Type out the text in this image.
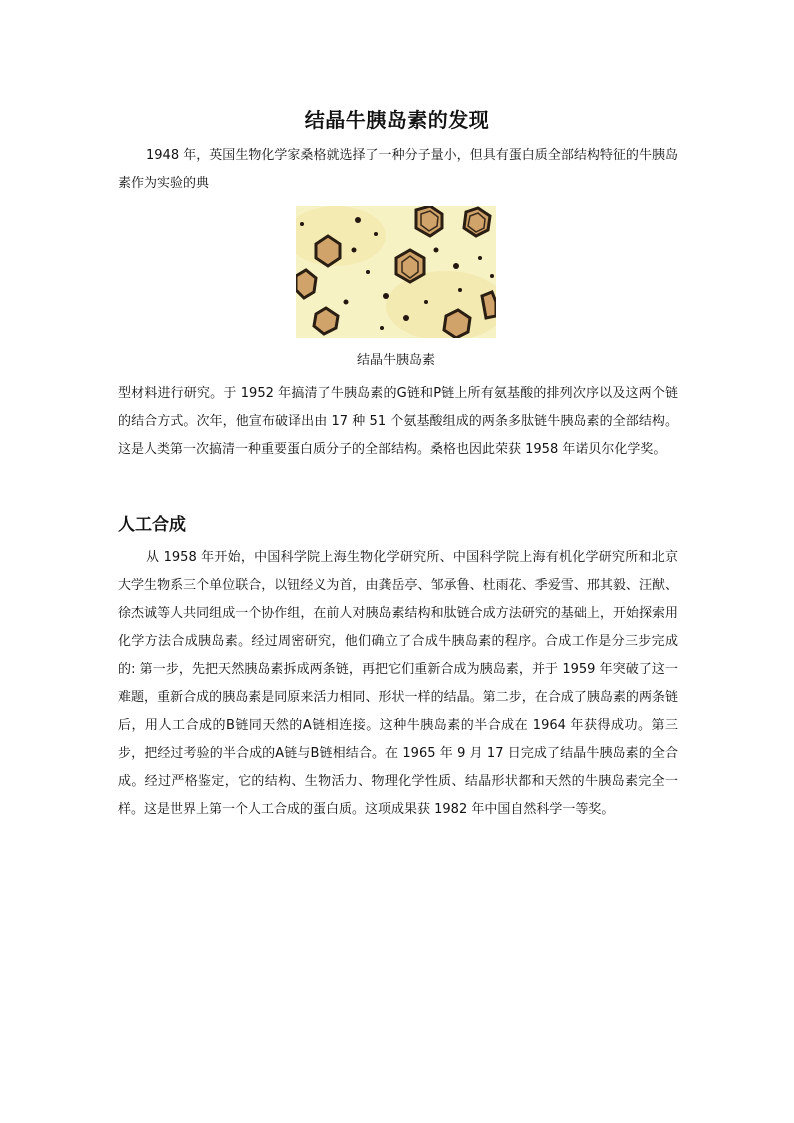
结晶牛胰岛素的发现

1948 年，英国生物化学家桑格就选择了一种分子量小，但具有蛋白质全部结构特征的牛胰岛素作为实验的典

结晶牛胰岛素

型材料进行研究。于 1952 年搞清了牛胰岛素的G链和P链上所有氨基酸的排列次序以及这两个链的结合方式。次年，他宣布破译出由 17 种 51 个氨基酸组成的两条多肽链牛胰岛素的全部结构。这是人类第一次搞清一种重要蛋白质分子的全部结构。桑格也因此荣获 1958 年诺贝尔化学奖。

人工合成

从 1958 年开始，中国科学院上海生物化学研究所、中国科学院上海有机化学研究所和北京大学生物系三个单位联合，以钮经义为首，由龚岳亭、邹承鲁、杜雨花、季爱雪、邢其毅、汪猷、徐杰诚等人共同组成一个协作组，在前人对胰岛素结构和肽链合成方法研究的基础上，开始探索用化学方法合成胰岛素。经过周密研究，他们确立了合成牛胰岛素的程序。合成工作是分三步完成的: 第一步，先把天然胰岛素拆成两条链，再把它们重新合成为胰岛素，并于 1959 年突破了这一难题，重新合成的胰岛素是同原来活力相同、形状一样的结晶。第二步，在合成了胰岛素的两条链后，用人工合成的B链同天然的A链相连接。这种牛胰岛素的半合成在 1964 年获得成功。第三步，把经过考验的半合成的A链与B链相结合。在 1965 年 9 月 17 日完成了结晶牛胰岛素的全合成。经过严格鉴定，它的结构、生物活力、物理化学性质、结晶形状都和天然的牛胰岛素完全一样。这是世界上第一个人工合成的蛋白质。这项成果获 1982 年中国自然科学一等奖。
